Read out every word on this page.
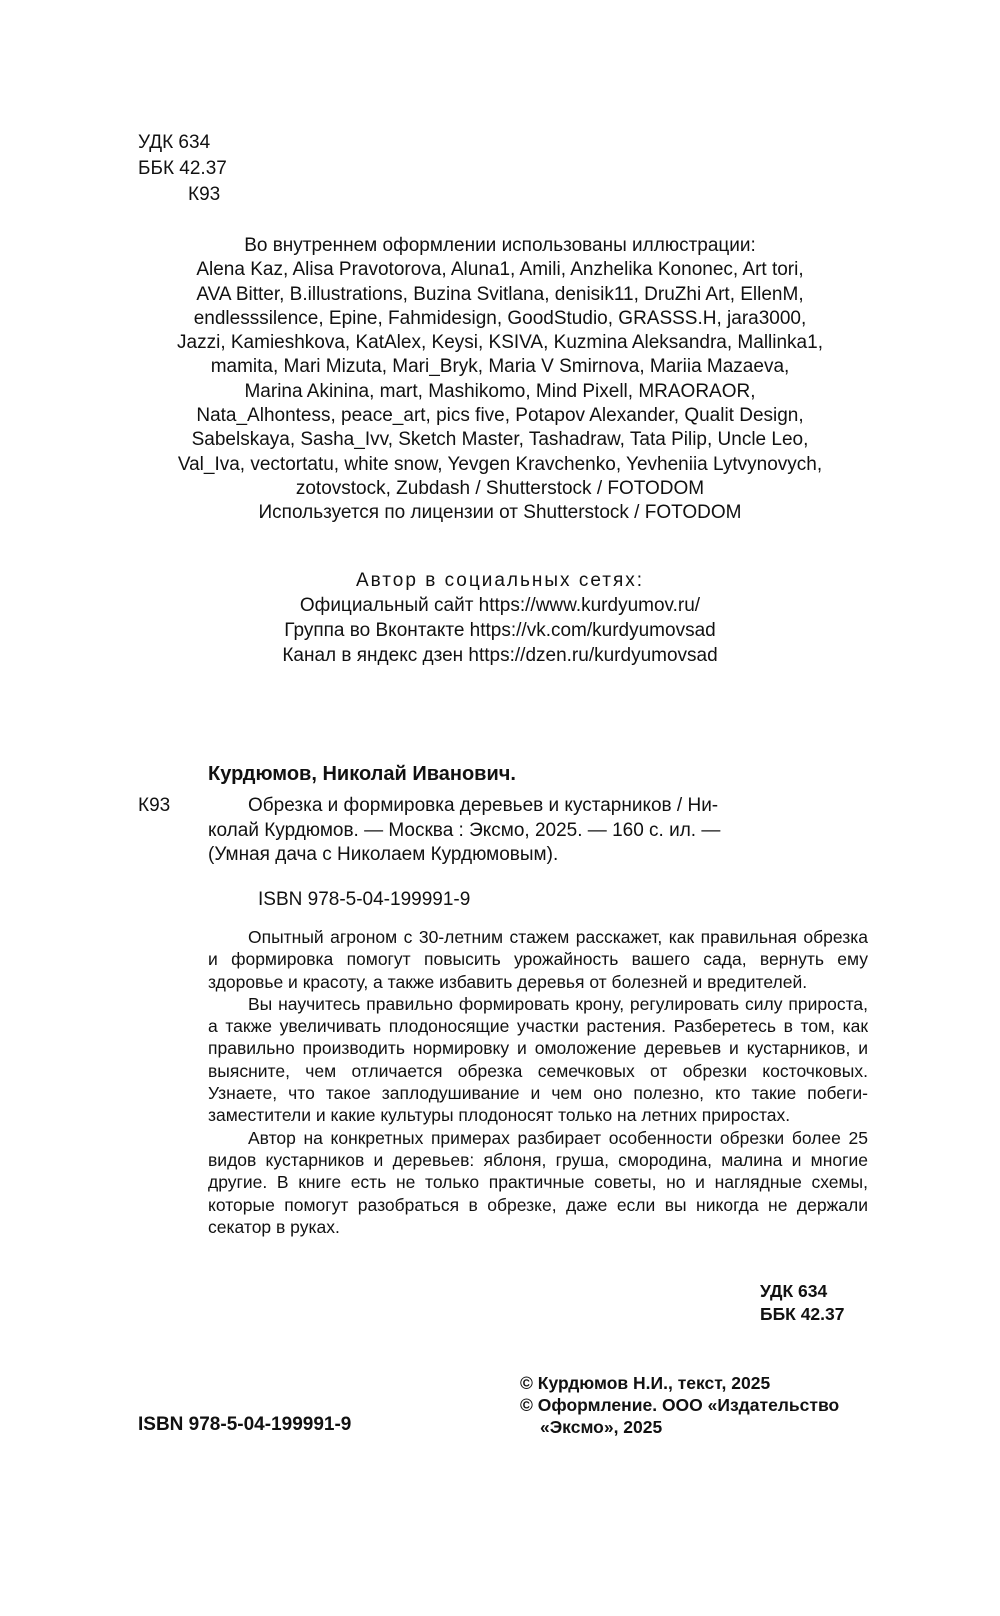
УДК 634
ББК 42.37
К93
Во внутреннем оформлении использованы иллюстрации:
Alena Kaz, Alisa Pravotorova, Aluna1, Amili, Anzhelika Kononec, Art tori,
AVA Bitter, B.illustrations, Buzina Svitlana, denisik11, DruZhi Art, EllenM,
endlesssilence, Epine, Fahmidesign, GoodStudio, GRASSS.H, jara3000,
Jazzi, Kamieshkova, KatAlex, Keysi, KSIVA, Kuzmina Aleksandra, Mallinka1,
mamita, Mari Mizuta, Mari_Bryk, Maria V Smirnova, Mariia Mazaeva,
Marina Akinina, mart, Mashikomo, Mind Pixell, MRAORAOR,
Nata_Alhontess, peace_art, pics five, Potapov Alexander, Qualit Design,
Sabelskaya, Sasha_Ivv, Sketch Master, Tashadraw, Tata Pilip, Uncle Leo,
Val_Iva, vectortatu, white snow, Yevgen Kravchenko, Yevheniia Lytvynovych,
zotovstock, Zubdash / Shutterstock / FOTODOM
Используется по лицензии от Shutterstock / FOTODOM
Автор в социальных сетях:
Официальный сайт https://www.kurdyumov.ru/
Группа во Вконтакте https://vk.com/kurdyumovsad
Канал в яндекс дзен https://dzen.ru/kurdyumovsad
Курдюмов, Николай Иванович.
К93	Обрезка и формировка деревьев и кустарников / Ни-
колай Курдюмов. — Москва : Эксмо, 2025. — 160 с. ил. —
(Умная дача с Николаем Курдюмовым).
ISBN 978-5-04-199991-9

Опытный агроном с 30-летним стажем расскажет, как правильная обрезка и формировка помогут повысить урожайность вашего сада, вернуть ему здоровье и красоту, а также избавить деревья от болезней и вредителей.

Вы научитесь правильно формировать крону, регулировать силу прироста, а также увеличивать плодоносящие участки растения. Разберетесь в том, как правильно производить нормировку и омоложение деревьев и кустарников, и выясните, чем отличается обрезка семечковых от обрезки косточковых. Узнаете, что такое заплодушивание и чем оно полезно, кто такие побеги-заместители и какие культуры плодоносят только на летних приростах.

Автор на конкретных примерах разбирает особенности обрезки более 25 видов кустарников и деревьев: яблоня, груша, смородина, малина и многие другие. В книге есть не только практичные советы, но и наглядные схемы, которые помогут разобраться в обрезке, даже если вы никогда не держали секатор в руках.

УДК 634
ББК 42.37
ISBN 978-5-04-199991-9
© Курдюмов Н.И., текст, 2025
© Оформление. ООО «Издательство
«Эксмо», 2025
